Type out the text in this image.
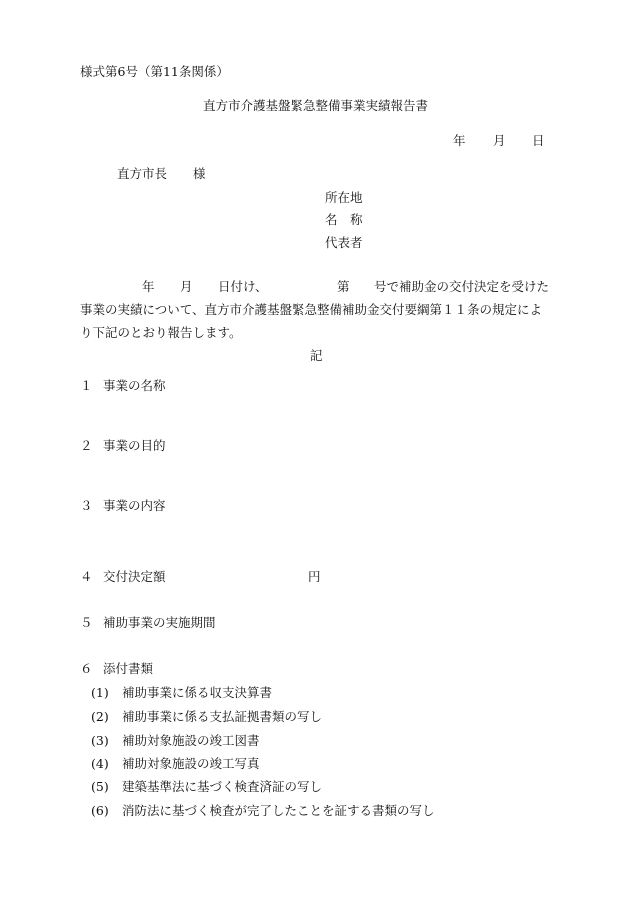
様式第6号（第11条関係）
直方市介護基盤緊急整備事業実績報告書
年 月 日
直方市長 様
所在地
名　称
代表者
年 月 日付け、	第 号で補助金の交付決定を受けた
事業の実績について、直方市介護基盤緊急整備補助金交付要綱第１１条の規定によ
り下記のとおり報告します。
記
１ 事業の名称
２ 事業の目的
３ 事業の内容
４ 交付決定額	円
５ 補助事業の実施期間
６ 添付書類
(1) 補助事業に係る収支決算書
(2) 補助事業に係る支払証拠書類の写し
(3) 補助対象施設の竣工図書
(4) 補助対象施設の竣工写真
(5) 建築基準法に基づく検査済証の写し
(6) 消防法に基づく検査が完了したことを証する書類の写し
